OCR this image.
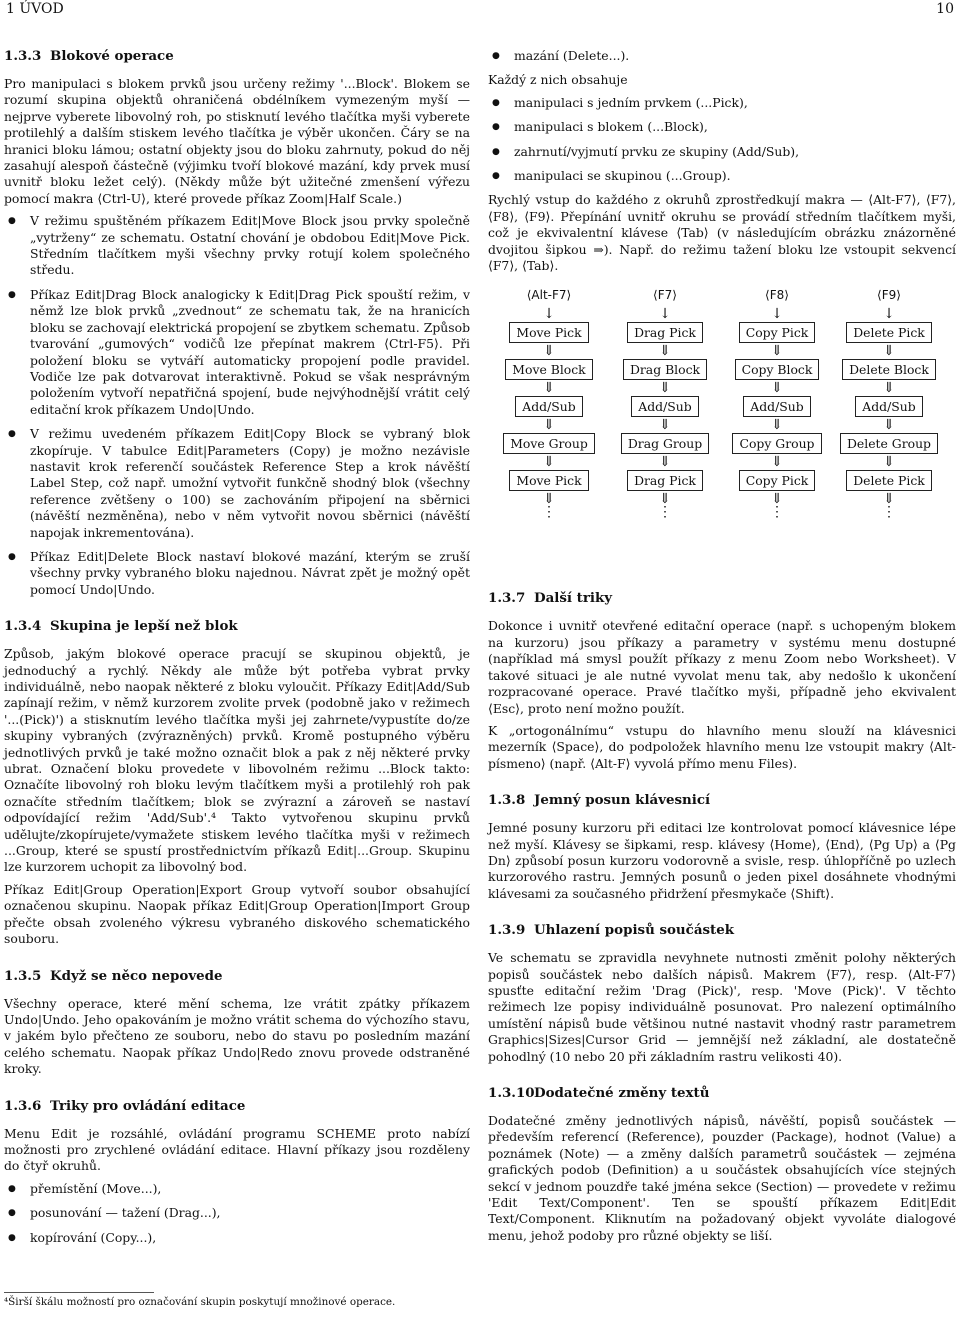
1 ÚVOD	10
1.3.3 Blokové operace

Pro manipulaci s blokem prvků jsou určeny režimy '...Block'. Blokem se rozumí skupina objektů ohraničená obdélníkem vymezeným myší — nejprve vyberete libovolný roh, po stisknutí levého tlačítka myši vyberete protilehlý a dalším stiskem levého tlačítka je výběr ukončen. Čáry se na hranici bloku lámou; ostatní objekty jsou do bloku zahrnuty, pokud do něj zasahují alespoň částečně (výjimku tvoří blokové mazání, kdy prvek musí uvnitř bloku ležet celý). (Někdy může být užitečné zmenšení výřezu pomocí makra ⟨Ctrl-U⟩, které provede příkaz Zoom|Half Scale.)

● V režimu spuštěném příkazem Edit|Move Block jsou prvky společně „vytrženy“ ze schematu. Ostatní chování je obdobou Edit|Move Pick. Středním tlačítkem myši všechny prvky rotují kolem společného středu.
● Příkaz Edit|Drag Block analogicky k Edit|Drag Pick spouští režim, v němž lze blok prvků „zvednout“ ze schematu tak, že na hranicích bloku se zachovají elektrická propojení se zbytkem schematu. Způsob tvarování „gumových“ vodičů lze přepínat makrem ⟨Ctrl-F5⟩. Při položení bloku se vytváří automaticky propojení podle pravidel. Vodiče lze pak dotvarovat interaktivně. Pokud se však nesprávným položením vytvoří nepatřičná spojení, bude nejvýhodnější vrátit celý editační krok příkazem Undo|Undo.
● V režimu uvedeném příkazem Edit|Copy Block se vybraný blok zkopíruje. V tabulce Edit|Parameters (Copy) je možno nezávisle nastavit krok referenčí součástek Reference Step a krok návěští Label Step, což např. umožní vytvořit funkčně shodný blok (všechny reference zvětšeny o 100) se zachováním připojení na sběrnici (návěští nezměněna), nebo v něm vytvořit novou sběrnici (návěští napojak inkrementována).
● Příkaz Edit|Delete Block nastaví blokové mazání, kterým se zruší všechny prvky vybraného bloku najednou. Návrat zpět je možný opět pomocí Undo|Undo.
1.3.4 Skupina je lepší než blok

Způsob, jakým blokové operace pracují se skupinou objektů, je jednoduchý a rychlý. Někdy ale může být potřeba vybrat prvky individuálně, nebo naopak některé z bloku vyloučit. Příkazy Edit|Add/Sub zapínají režim, v němž kurzorem zvolite prvek (podobně jako v režimech '...(Pick)') a stisknutím levého tlačítka myši jej zahrnete/vypustíte do/ze skupiny vybraných (zvýrazněných) prvků. Kromě postupného výběru jednotlivých prvků je také možno označit blok a pak z něj některé prvky ubrat. Označení bloku provedete v libovolném režimu ...Block takto: Označíte libovolný roh bloku levým tlačítkem myši a protilehlý roh pak označíte středním tlačítkem; blok se zvýrazní a zároveň se nastaví odpovídající režim 'Add/Sub'.⁴ Takto vytvořenou skupinu prvků udělujte/zkopírujete/vymažete stiskem levého tlačítka myši v režimech ...Group, které se spustí prostřednictvím příkazů Edit|...Group. Skupinu lze kurzorem uchopit za libovolný bod.

Příkaz Edit|Group Operation|Export Group vytvoří soubor obsahující označenou skupinu. Naopak příkaz Edit|Group Operation|Import Group přečte obsah zvoleného výkresu vybraného diskového schematického souboru.

1.3.5 Když se něco nepovede

Všechny operace, které mění schema, lze vrátit zpátky příkazem Undo|Undo. Jeho opakováním je možno vrátit schema do výchozího stavu, v jakém bylo přečteno ze souboru, nebo do stavu po posledním mazání celého schematu. Naopak příkaz Undo|Redo znovu provede odstraněné kroky.

1.3.6 Triky pro ovládání editace

Menu Edit je rozsáhlé, ovládání programu SCHEME proto nabízí možnosti pro zrychlené ovládání editace. Hlavní příkazy jsou rozděleny do čtyř okruhů.

● přemístění (Move...),
● posunování — tažení (Drag...),
● kopírování (Copy...),
⁴Širší škálu možností pro označování skupin poskytují množinové operace.
● mazání (Delete...).

Každý z nich obsahuje

● manipulaci s jedním prvkem (...Pick),
● manipulaci s blokem (...Block),
● zahrnutí/vyjmutí prvku ze skupiny (Add/Sub),
● manipulaci se skupinou (...Group).

Rychlý vstup do každého z okruhů zprostředkují makra — ⟨Alt-F7⟩, ⟨F7⟩, ⟨F8⟩, ⟨F9⟩. Přepínání uvnitř okruhu se provádí středním tlačítkem myši, což je ekvivalentní klávese ⟨Tab⟩ (v následujícím obrázku znázorněné dvojitou šipkou ⇒). Např. do režimu tažení bloku lze vstoupit sekvencí ⟨F7⟩, ⟨Tab⟩.

⟨Alt-F7⟩
↓
Move Pick
⇓
Move Block
⇓
Add/Sub
⇓
Move Group
⇓
Move Pick
⇓
⋮
⟨F7⟩
↓
Drag Pick
⇓
Drag Block
⇓
Add/Sub
⇓
Drag Group
⇓
Drag Pick
⇓
⋮
⟨F8⟩
↓
Copy Pick
⇓
Copy Block
⇓
Add/Sub
⇓
Copy Group
⇓
Copy Pick
⇓
⋮
⟨F9⟩
↓
Delete Pick
⇓
Delete Block
⇓
Add/Sub
⇓
Delete Group
⇓
Delete Pick
⇓
⋮
1.3.7 Další triky

Dokonce i uvnitř otevřené editační operace (např. s uchopeným blokem na kurzoru) jsou příkazy a parametry v systému menu dostupné (například má smysl použít příkazy z menu Zoom nebo Worksheet). V takové situaci je ale nutné vyvolat menu tak, aby nedošlo k ukončení rozpracované operace. Pravé tlačítko myši, případně jeho ekvivalent ⟨Esc⟩, proto není možno použít.

K „ortogonálnímu“ vstupu do hlavního menu slouží na klávesnici mezerník ⟨Space⟩, do podpoložek hlavního menu lze vstoupit makry ⟨Alt-písmeno⟩ (např. ⟨Alt-F⟩ vyvolá přímo menu Files).

1.3.8 Jemný posun klávesnicí

Jemné posuny kurzoru při editaci lze kontrolovat pomocí klávesnice lépe než myší. Klávesy se šipkami, resp. klávesy ⟨Home⟩, ⟨End⟩, ⟨Pg Up⟩ a ⟨Pg Dn⟩ způsobí posun kurzoru vodorovně a svisle, resp. úhlopříčně po uzlech kurzorového rastru. Jemných posunů o jeden pixel dosáhnete vhodnými klávesami za současného přidržení přesmykače ⟨Shift⟩.

1.3.9 Uhlazení popisů součástek

Ve schematu se zpravidla nevyhnete nutnosti změnit polohy některých popisů součástek nebo dalších nápisů. Makrem ⟨F7⟩, resp. ⟨Alt-F7⟩ spusťte editační režim 'Drag (Pick)', resp. 'Move (Pick)'. V těchto režimech lze popisy individuálně posunovat. Pro nalezení optimálního umístění nápisů bude většinou nutné nastavit vhodný rastr parametrem Graphics|Sizes|Cursor Grid — jemnější než základní, ale dostatečně pohodlný (10 nebo 20 při základním rastru velikosti 40).

1.3.10Dodatečné změny textů

Dodatečné změny jednotlivých nápisů, návěští, popisů součástek — především referencí (Reference), pouzder (Package), hodnot (Value) a poznámek (Note) — a změny dalších parametrů součástek — zejména grafických podob (Definition) a u součástek obsahujících více stejných sekcí v jednom pouzdře také jména sekce (Section) — provedete v režimu 'Edit Text/Component'. Ten se spouští příkazem Edit|Edit Text/Component. Kliknutím na požadovaný objekt vyvoláte dialogové menu, jehož podoby pro různé objekty se liší.
